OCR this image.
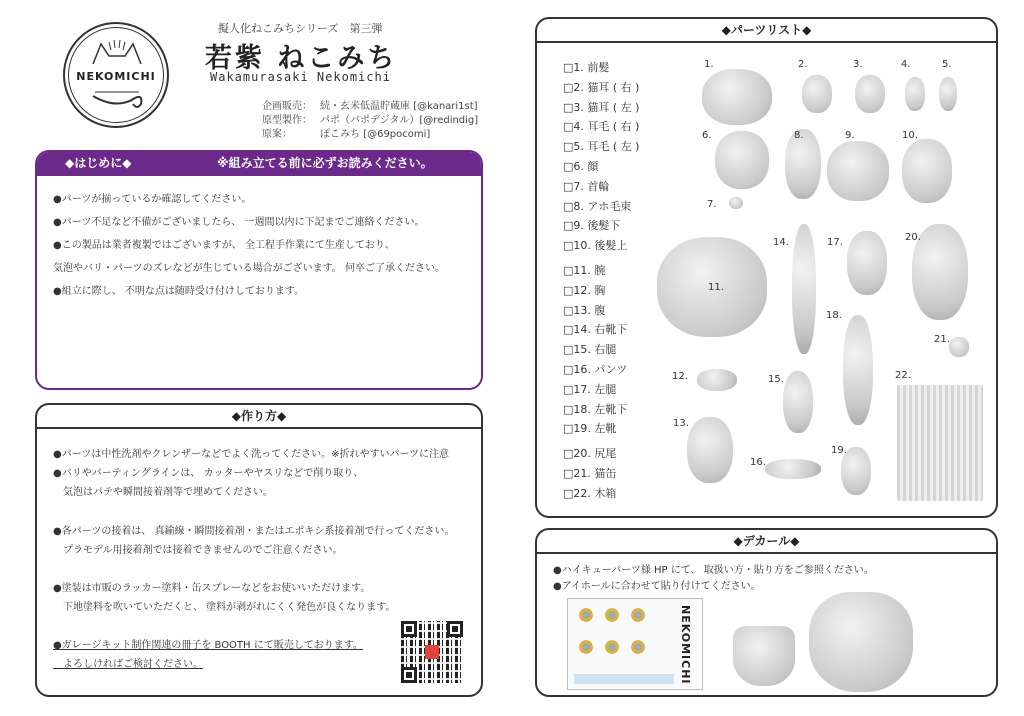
NEKOMICHI
擬人化ねこみちシリーズ　第三弾
若紫 ねこみち
Wakamurasaki Nekomichi
企画販売： 続・玄米低温貯蔵庫 [@kanari1st]
原型製作： パポ（パポデジタル）[@redindig]
原案：	ぽこみち [@69pocomi]
◆はじめに◆	※組み立てる前に必ずお読みください。
●パーツが揃っているか確認してください。
●パーツ不足など不備がございましたら、 一週間以内に下記までご連絡ください。
●この製品は業者複製ではございますが、 全工程手作業にて生産しており、
気泡やバリ・パーツのズレなどが生じている場合がございます。 何卒ご了承ください。
●組立に際し、 不明な点は随時受け付けしております。
◆作り方◆
●パーツは中性洗剤やクレンザーなどでよく洗ってください。※折れやすいパーツに注意
●バリやパーティングラインは、 カッターやヤスリなどで削り取り、
　気泡はパテや瞬間接着剤等で埋めてください。
●各パーツの接着は、 真鍮線・瞬間接着剤・またはエポキシ系接着剤で行ってください。
　プラモデル用接着剤では接着できませんのでご注意ください。
●塗装は市販のラッカー塗料・缶スプレーなどをお使いいただけます。
　下地塗料を吹いていただくと、 塗料が剥がれにくく発色が良くなります。
●ガレージキット制作関連の冊子を BOOTH にて販売しております。
　よろしければご検討ください。
◆パーツリスト◆
□1. 前髪
□2. 猫耳 ( 右 )
□3. 猫耳 ( 左 )
□4. 耳毛 ( 右 )
□5. 耳毛 ( 左 )
□6. 顔
□7. 首輪
□8. アホ毛束
□9. 後髪下
□10. 後髪上
□11. 腕
□12. 胸
□13. 腹
□14. 右靴下
□15. 右腿
□16. パンツ
□17. 左腿
□18. 左靴下
□19. 左靴
□20. 尻尾
□21. 猫缶
□22. 木箱
1.	2.	3.	4.	5.
6.
7.
8.	9.	10.
11.
12.
13.
14.
15.
16.
17.
18.
19.
20.
21.
22.
◆デカール◆
●ハイキューパーツ様 HP にて、 取扱い方・貼り方をご参照ください。
●アイホールに合わせて貼り付けてください。
NEKOMICHI
